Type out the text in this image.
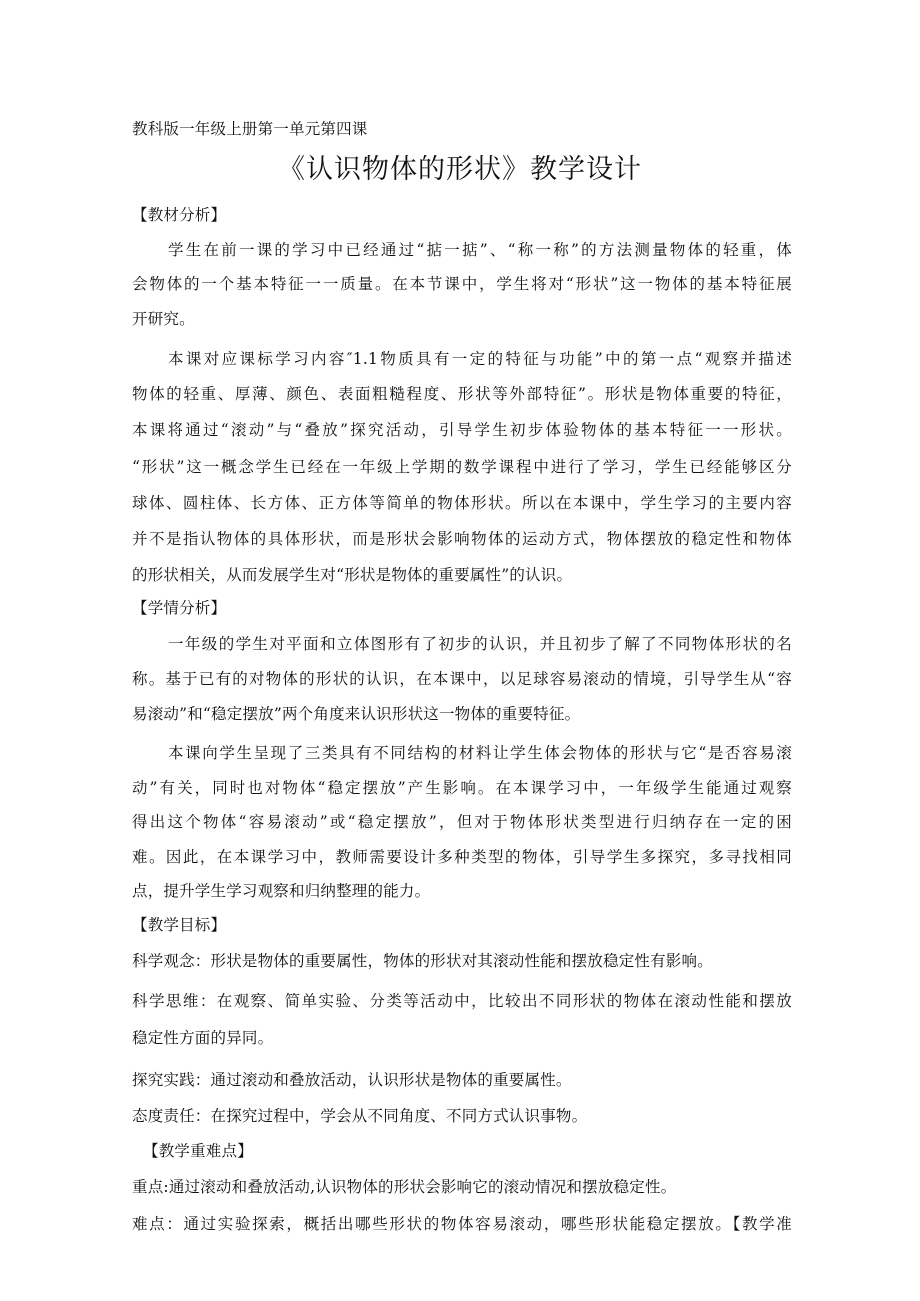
教科版一年级上册第一单元第四课
《认识物体的形状》教学设计
【教材分析】
学生在前一课的学习中已经通过“掂一掂”、“称一称”的方法测量物体的轻重，体
会物体的一个基本特征一一质量。在本节课中，学生将对“形状”这一物体的基本特征展
开研究。
本课对应课标学习内容″1.1物质具有一定的特征与功能”中的第一点“观察并描述
物体的轻重、厚薄、颜色、表面粗糙程度、形状等外部特征”。形状是物体重要的特征，
本课将通过“滚动”与“叠放”探究活动，引导学生初步体验物体的基本特征一一形状。
“形状”这一概念学生已经在一年级上学期的数学课程中进行了学习，学生已经能够区分
球体、圆柱体、长方体、正方体等简单的物体形状。所以在本课中，学生学习的主要内容
并不是指认物体的具体形状，而是形状会影响物体的运动方式，物体摆放的稳定性和物体
的形状相关，从而发展学生对“形状是物体的重要属性”的认识。
【学情分析】
一年级的学生对平面和立体图形有了初步的认识，并且初步了解了不同物体形状的名
称。基于已有的对物体的形状的认识，在本课中，以足球容易滚动的情境，引导学生从“容
易滚动”和“稳定摆放”两个角度来认识形状这一物体的重要特征。
本课向学生呈现了三类具有不同结构的材料让学生体会物体的形状与它“是否容易滚
动”有关，同时也对物体“稳定摆放”产生影响。在本课学习中，一年级学生能通过观察
得出这个物体“容易滚动”或“稳定摆放”，但对于物体形状类型进行归纳存在一定的困
难。因此，在本课学习中，教师需要设计多种类型的物体，引导学生多探究，多寻找相同
点，提升学生学习观察和归纳整理的能力。
【教学目标】
科学观念：形状是物体的重要属性，物体的形状对其滚动性能和摆放稳定性有影响。
科学思维：在观察、简单实验、分类等活动中，比较出不同形状的物体在滚动性能和摆放
稳定性方面的异同。
探究实践：通过滚动和叠放活动，认识形状是物体的重要属性。
态度责任：在探究过程中，学会从不同角度、不同方式认识事物。
【教学重难点】
重点:通过滚动和叠放活动,认识物体的形状会影响它的滚动情况和摆放稳定性。
难点：通过实验探索，概括出哪些形状的物体容易滚动，哪些形状能稳定摆放。【教学准
